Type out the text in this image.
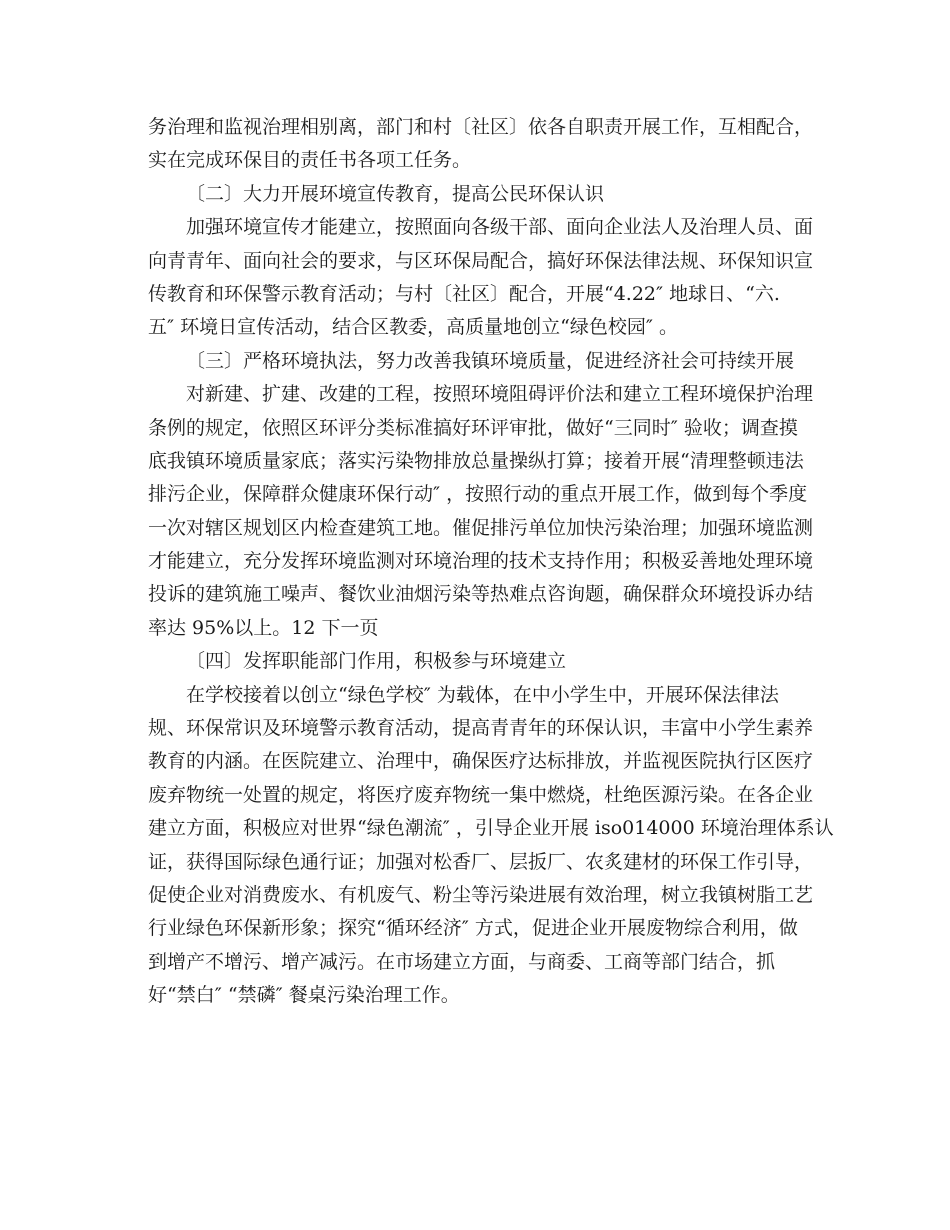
务治理和监视治理相别离，部门和村〔社区〕依各自职责开展工作，互相配合，
实在完成环保目的责任书各项工任务。
〔二〕大力开展环境宣传教育，提高公民环保认识
加强环境宣传才能建立，按照面向各级干部、面向企业法人及治理人员、面
向青青年、面向社会的要求，与区环保局配合，搞好环保法律法规、环保知识宣
传教育和环保警示教育活动；与村〔社区〕配合，开展“4.22″ 地球日、“六.
五″ 环境日宣传活动，结合区教委，高质量地创立“绿色校园″ 。
〔三〕严格环境执法，努力改善我镇环境质量，促进经济社会可持续开展
对新建、扩建、改建的工程，按照环境阻碍评价法和建立工程环境保护治理
条例的规定，依照区环评分类标准搞好环评审批，做好“三同时″ 验收；调查摸
底我镇环境质量家底；落实污染物排放总量操纵打算；接着开展“清理整顿违法
排污企业，保障群众健康环保行动″ ，按照行动的重点开展工作，做到每个季度
一次对辖区规划区内检查建筑工地。催促排污单位加快污染治理；加强环境监测
才能建立，充分发挥环境监测对环境治理的技术支持作用；积极妥善地处理环境
投诉的建筑施工噪声、餐饮业油烟污染等热难点咨询题，确保群众环境投诉办结
率达 95%以上。12 下一页
〔四〕发挥职能部门作用，积极参与环境建立
在学校接着以创立“绿色学校″ 为载体，在中小学生中，开展环保法律法
规、环保常识及环境警示教育活动，提高青青年的环保认识，丰富中小学生素养
教育的内涵。在医院建立、治理中，确保医疗达标排放，并监视医院执行区医疗
废弃物统一处置的规定，将医疗废弃物统一集中燃烧，杜绝医源污染。在各企业
建立方面，积极应对世界“绿色潮流″ ，引导企业开展 iso014000 环境治理体系认
证，获得国际绿色通行证；加强对松香厂、层扳厂、农炙建材的环保工作引导，
促使企业对消费废水、有机废气、粉尘等污染进展有效治理，树立我镇树脂工艺
行业绿色环保新形象；探究“循环经济″ 方式，促进企业开展废物综合利用，做
到增产不增污、增产减污。在市场建立方面，与商委、工商等部门结合，抓
好“禁白″ “禁磷″ 餐桌污染治理工作。
